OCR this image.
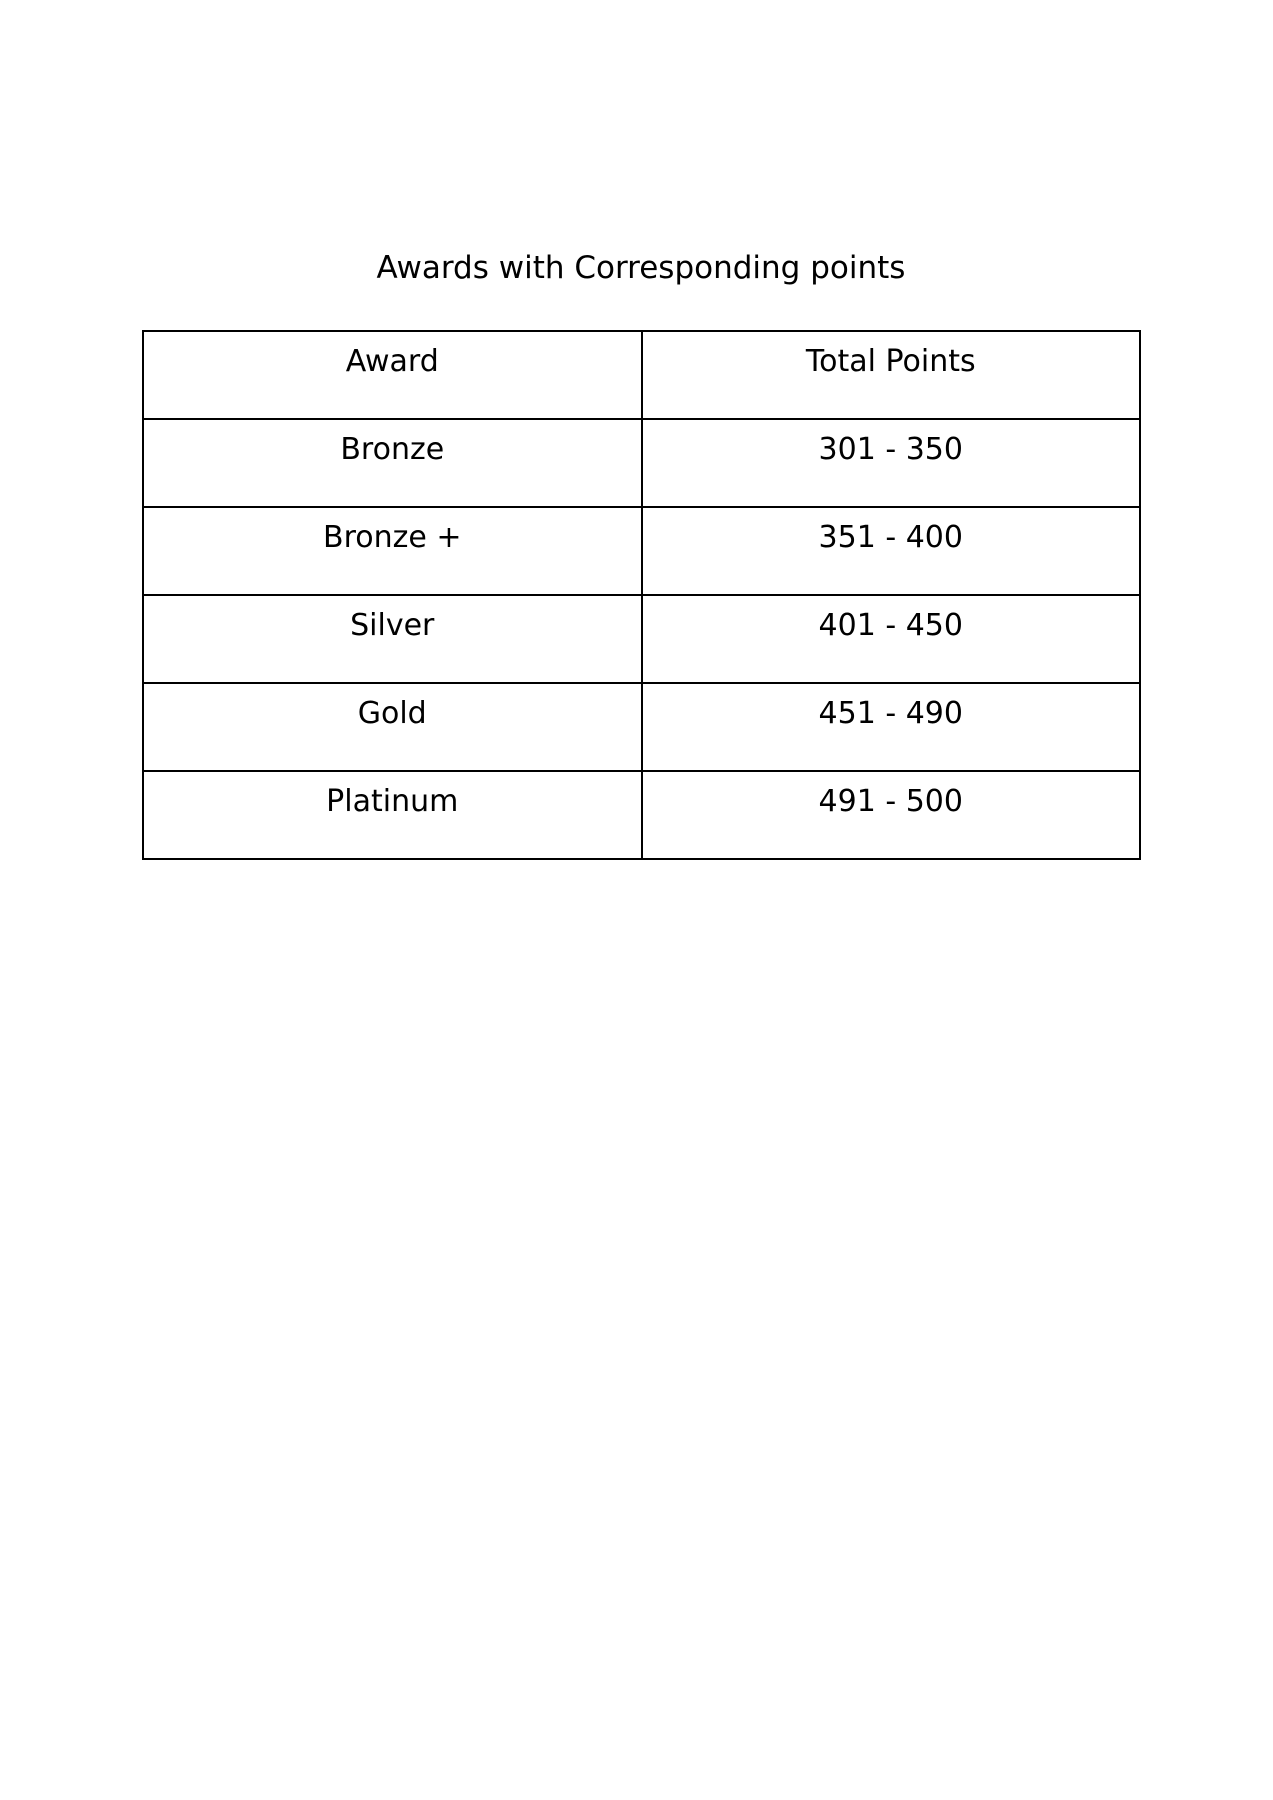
Awards with Corresponding points
Award	Total Points
Bronze	301 - 350
Bronze +	351 - 400
Silver	401 - 450
Gold	451 - 490
Platinum	491 - 500
